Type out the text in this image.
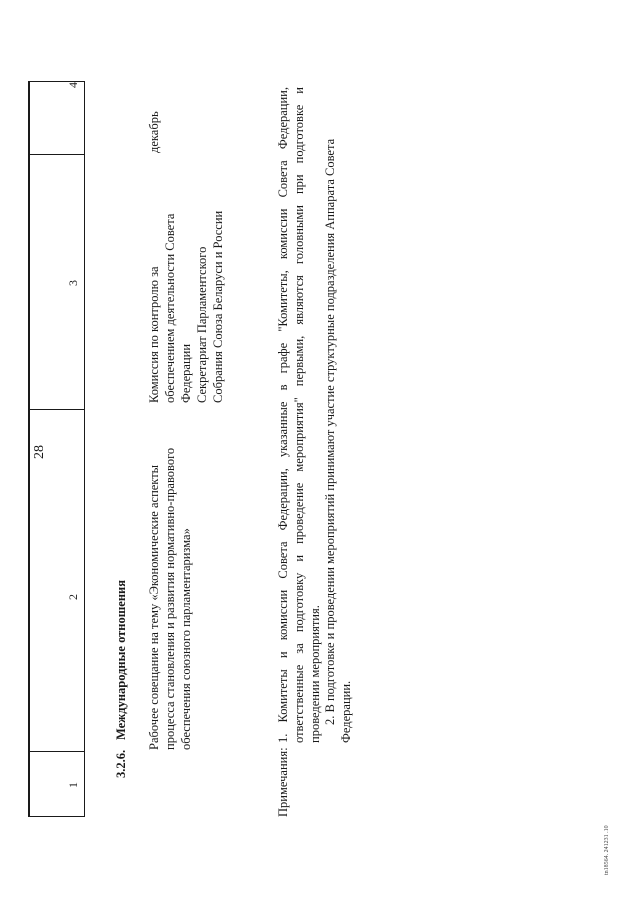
28
1
2
3
4
3.2.6.
Международные отношения Рабочее совещание на тему «Экономические аспекты процесса становления и развития нормативно-правового обеспечения союзного парламентаризма»
Комиссия по контролю за обеспечением деятельности Совета Федерации Секретариат Парламентского Собрания Союза Беларуси и России
декабрь
Примечания:
1. Комитеты и комиссии Совета Федерации, указанные в графе "Комитеты, комиссии Совета Федерации, ответственные за подготовку и проведение мероприятия" первыми, являются головными при подготовке и проведении мероприятия. 2. В подготовке и проведении мероприятий принимают участие структурные подразделения Аппарата Совета Федерации.
tn18564. 241231 .10
